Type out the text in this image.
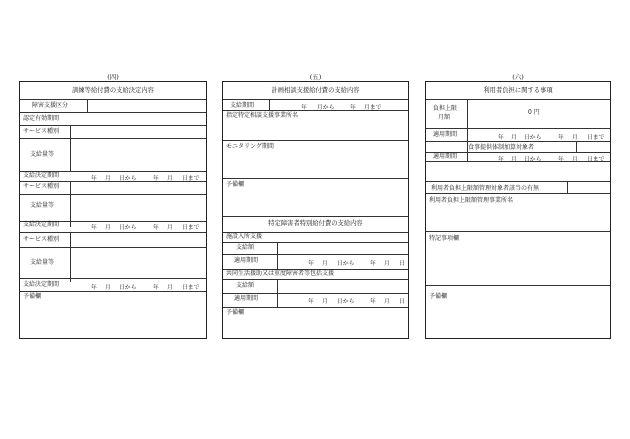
(四)
訓練等給付費の支給決定内容
障害支援区分
認定有効期間
サービス種別
支給量等
支給決定期間	年 月 日から	年 月 日まで
サービス種別
支給量等
支給決定期間	年 月 日から	年 月 日まで
サービス種別
支給量等
支給決定期間	年 月 日から	年 月 日まで
予備欄
(五)
計画相談支援給付費の支給内容
支給期間	年 月から	年 月まで
指定特定相談支援事業所名
モニタリング期間
予備欄
特定障害者特別給付費の支給内容
施設入所支援
支給額
適用期間	年 月 日から	年 月 日
共同生活援助又は重度障害者等包括支援
支給額
適用期間	年 月 日から	年 月 日
予備欄
(六)
利用者負担に関する事項
負担上限
月額
0 円
適用期間	年 月 日から	年 月 日まで
食事提供体制加算対象者
適用期間	年 月 日から	年 月 日まで
利用者負担上限額管理対象者該当の有無
利用者負担上限額管理事業所名
特記事項欄
予備欄
